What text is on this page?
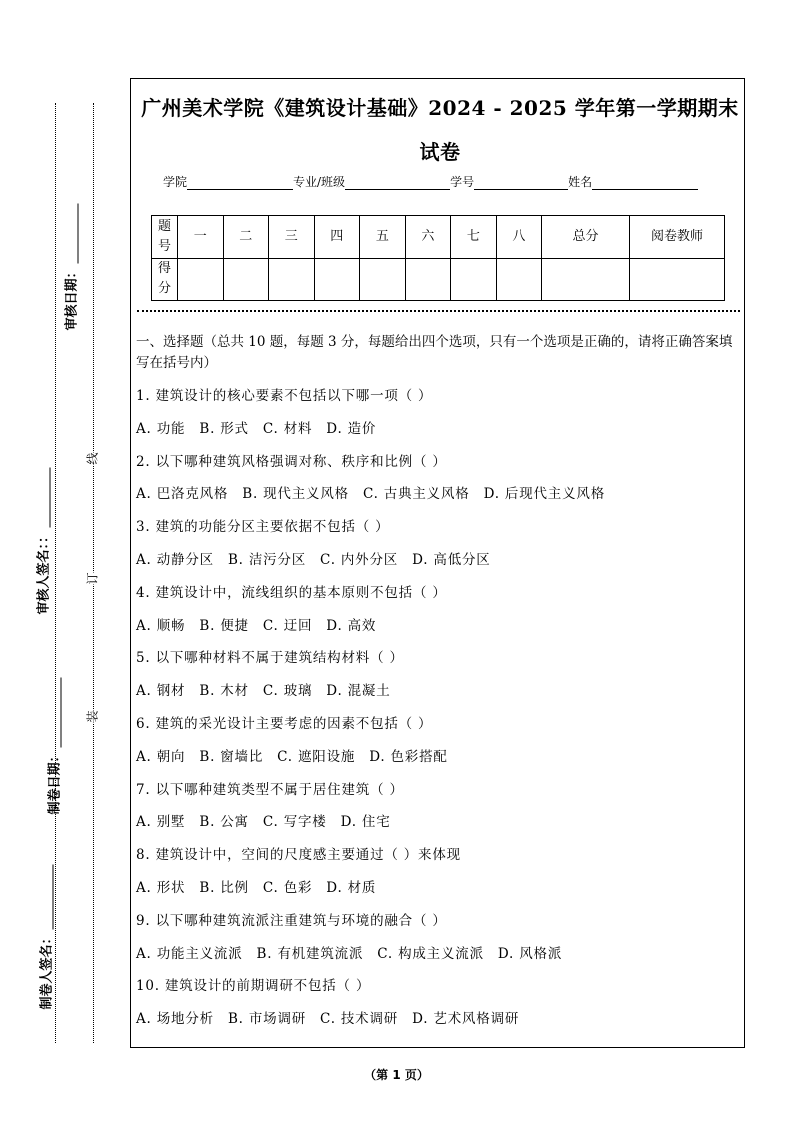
审核日期：
审核人签名：：
制卷日期：
制卷人签名：
线
订
装
广州美术学院《建筑设计基础》2024 - 2025 学年第一学期期末试卷
学院	专业/班级	学号	姓名
题号	一	二	三	四	五	六	七	八	总分	阅卷教师
得分										
一、选择题（总共 10 题，每题 3 分，每题给出四个选项，只有一个选项是正确的，请将正确答案填写在括号内）
1. 建筑设计的核心要素不包括以下哪一项（ ）
A. 功能 B. 形式 C. 材料 D. 造价
2. 以下哪种建筑风格强调对称、秩序和比例（ ）
A. 巴洛克风格 B. 现代主义风格 C. 古典主义风格 D. 后现代主义风格
3. 建筑的功能分区主要依据不包括（ ）
A. 动静分区 B. 洁污分区 C. 内外分区 D. 高低分区
4. 建筑设计中，流线组织的基本原则不包括（ ）
A. 顺畅 B. 便捷 C. 迂回 D. 高效
5. 以下哪种材料不属于建筑结构材料（ ）
A. 钢材 B. 木材 C. 玻璃 D. 混凝土
6. 建筑的采光设计主要考虑的因素不包括（ ）
A. 朝向 B. 窗墙比 C. 遮阳设施 D. 色彩搭配
7. 以下哪种建筑类型不属于居住建筑（ ）
A. 别墅 B. 公寓 C. 写字楼 D. 住宅
8. 建筑设计中，空间的尺度感主要通过（ ）来体现
A. 形状 B. 比例 C. 色彩 D. 材质
9. 以下哪种建筑流派注重建筑与环境的融合（ ）
A. 功能主义流派 B. 有机建筑流派 C. 构成主义流派 D. 风格派
10. 建筑设计的前期调研不包括（ ）
A. 场地分析 B. 市场调研 C. 技术调研 D. 艺术风格调研
（第 1 页）
